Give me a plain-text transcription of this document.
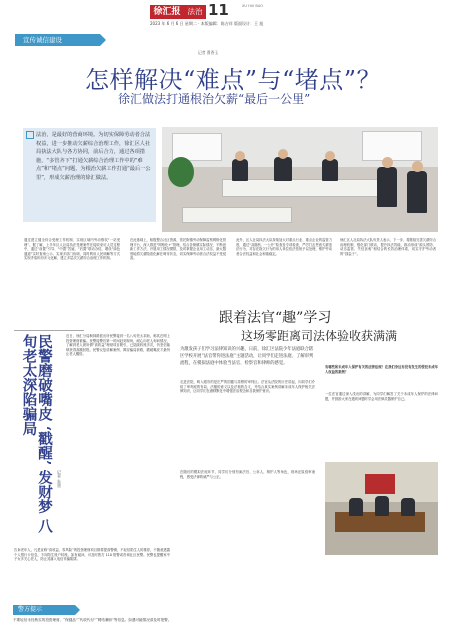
徐汇报 法治 11	XU HUI BAO
2023 年 6 月 6 日 星期二 · 本版编辑：陈吉祥 版面设计：王 旭
宣传诚信建设
记者 曹香玉
怎样解决“难点”与“堵点”？
徐汇做法打通根治欠薪“最后一公里”
法治，是最好的营商环境。为切实保障劳动者合法权益，进一步推动欠薪综合治理工作，徐汇区人社局执法大队与各方协同，前后合力，通过各项措施，“多管齐下”打通欠薪综合治理工作中的“难点”和“堵点”问题，为根治欠薪工作打通“最后一公里”，形成欠薪治理的徐汇做法。
通过建立健全综合受理工作机制，实现区域内劳动维权“一站受理”。据了解，上半年区人社局执法受理案件在接收来访人员过程中，通过“前置”引导、“中置”答疑、“后置”联动办结，增设“绿色通道”实时查询公示、实现多部门协调，同时利用人民调解等方式实现矛盾纠纷多元化解，建立多层次欠薪综合治理工作机制。
在此基础上，积极整合社区资源，依托街镇劳动保障监察网格化管理平台，深入推进“网格化+”管理。结合各街镇实际情况，不断创新工作方法，开展用工情况摸排，及时掌握企业用工动态，最大限度地将欠薪隐患化解在萌芽状态，切实保障劳动者合法权益不受侵害。
此外，区人社局执法大队持续加大对重点行业、重点企业的监管力度，通过“双随机、一公开”检查及专项检查，严厉打击恶意欠薪违法行为，对存在拖欠行为的用人单位依法依规予以处理，维护劳动者合法权益和社会和谐稳定。
徐汇区人社局执法大队负责人表示，下一步，将继续完善欠薪综合治理机制，强化部门联动，提升执法效能，推动形成“源头预防、动态监管、失信惩戒”相结合的长效治理体系，切实守护劳动者的“钱袋子”。
民警磨破嘴皮 ‘戳醒’ 发财梦 八旬老太深陷骗局
记者 朱墨
近日，徐汇分局枫林路派出所民警接到一名八旬老太求助，称其在网上投资理财被骗。民警接警后第一时间赶到现场，耐心向老人询问情况，了解到老人被所谓“高收益”理财项目吸引，已陆续转账多次，仍坚信能够获得高额回报。民警反复讲解案例、揭穿骗局套路，磨破嘴皮才最终让老人醒悟。
告诉老年人，凡是宣称“高收益、零风险”的投资理财项目都要提高警惕，不轻信陌生人的推荐，不随意透露个人银行卡信息，不向陌生账户转账。如有疑问，可及时拨打 110 报警或咨询社区民警。民警也提醒家中子女多关心老人，防止其落入电信诈骗陷阱。
警方提示
不要轻信未经核实的投资理财、“保健品”“代收代付”“网络兼职”等信息。如遇可疑情况请及时报警。
跟着法官“趣”学习
这场零距离司法体验收获满满
为激发孩子们学习法律知识的兴趣，日前，徐汇区法院少年法庭联合辖区学校开展“法官带你进法庭”主题活动，让同学们走进法庭、了解审判流程，在模拟法庭中体验当法官、检察官和律师的感觉。
走进法院，映入眼帘的是庄严的国徽与肃穆的审判区。法官从法院的历史讲起，向同学们介绍了审判庭的布局、法槌的意义以及法袍的含义，并结合真实案例讲解未成年人保护相关法律知识，让同学们在潜移默化中增强法治观念和自我保护意识。
在随后的模拟法庭环节，同学们分别扮演法官、公诉人、辩护人等角色，现场还原庭审流程，感受法律的威严与公正。
有哪些和未成年人保护有关的法律法规？在我们身边有没有发生的侵犯未成年人权益的案例？
一位法官通过深入浅出的讲解，为同学们解答了关于未成年人保护的法律问题，并鼓励大家在遇到问题时学会用法律武器保护自己。
